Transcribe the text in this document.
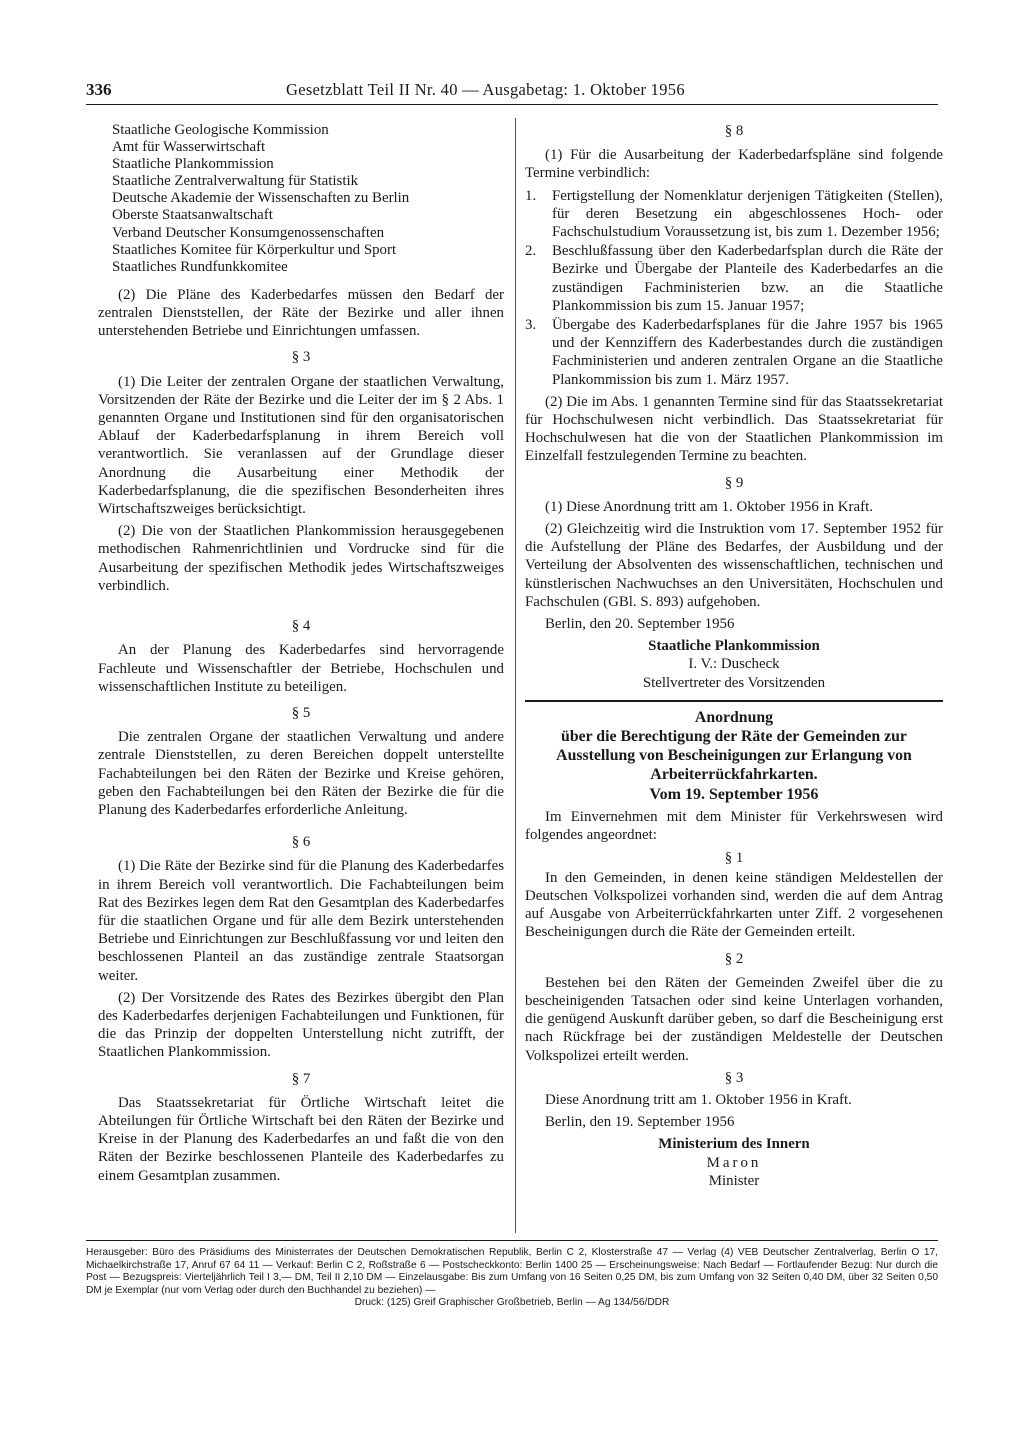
336	Gesetzblatt Teil II Nr. 40 — Ausgabetag: 1. Oktober 1956
Staatliche Geologische Kommission
Amt für Wasserwirtschaft
Staatliche Plankommission
Staatliche Zentralverwaltung für Statistik
Deutsche Akademie der Wissenschaften zu Berlin
Oberste Staatsanwaltschaft
Verband Deutscher Konsumgenossenschaften
Staatliches Komitee für Körperkultur und Sport
Staatliches Rundfunkkomitee

(2) Die Pläne des Kaderbedarfes müssen den Bedarf der zentralen Dienststellen, der Räte der Bezirke und aller ihnen unterstehenden Betriebe und Einrichtungen umfassen.

§ 3

(1) Die Leiter der zentralen Organe der staatlichen Verwaltung, Vorsitzenden der Räte der Bezirke und die Leiter der im § 2 Abs. 1 genannten Organe und Institutionen sind für den organisatorischen Ablauf der Kaderbedarfsplanung in ihrem Bereich voll verantwortlich. Sie veranlassen auf der Grundlage dieser Anordnung die Ausarbeitung einer Methodik der Kaderbedarfsplanung, die die spezifischen Besonderheiten ihres Wirtschaftszweiges berücksichtigt.

(2) Die von der Staatlichen Plankommission herausgegebenen methodischen Rahmenrichtlinien und Vordrucke sind für die Ausarbeitung der spezifischen Methodik jedes Wirtschaftszweiges verbindlich.

§ 4

An der Planung des Kaderbedarfes sind hervorragende Fachleute und Wissenschaftler der Betriebe, Hochschulen und wissenschaftlichen Institute zu beteiligen.

§ 5

Die zentralen Organe der staatlichen Verwaltung und andere zentrale Dienststellen, zu deren Bereichen doppelt unterstellte Fachabteilungen bei den Räten der Bezirke und Kreise gehören, geben den Fachabteilungen bei den Räten der Bezirke die für die Planung des Kaderbedarfes erforderliche Anleitung.

§ 6

(1) Die Räte der Bezirke sind für die Planung des Kaderbedarfes in ihrem Bereich voll verantwortlich. Die Fachabteilungen beim Rat des Bezirkes legen dem Rat den Gesamtplan des Kaderbedarfes für die staatlichen Organe und für alle dem Bezirk unterstehenden Betriebe und Einrichtungen zur Beschlußfassung vor und leiten den beschlossenen Planteil an das zuständige zentrale Staatsorgan weiter.

(2) Der Vorsitzende des Rates des Bezirkes übergibt den Plan des Kaderbedarfes derjenigen Fachabteilungen und Funktionen, für die das Prinzip der doppelten Unterstellung nicht zutrifft, der Staatlichen Plankommission.

§ 7

Das Staatssekretariat für Örtliche Wirtschaft leitet die Abteilungen für Örtliche Wirtschaft bei den Räten der Bezirke und Kreise in der Planung des Kaderbedarfes an und faßt die von den Räten der Bezirke beschlossenen Planteile des Kaderbedarfes zu einem Gesamtplan zusammen.

§ 8

(1) Für die Ausarbeitung der Kaderbedarfspläne sind folgende Termine verbindlich:

1. Fertigstellung der Nomenklatur derjenigen Tätigkeiten (Stellen), für deren Besetzung ein abgeschlossenes Hoch- oder Fachschulstudium Voraussetzung ist, bis zum 1. Dezember 1956;
2. Beschlußfassung über den Kaderbedarfsplan durch die Räte der Bezirke und Übergabe der Planteile des Kaderbedarfes an die zuständigen Fachministerien bzw. an die Staatliche Plankommission bis zum 15. Januar 1957;
3. Übergabe des Kaderbedarfsplanes für die Jahre 1957 bis 1965 und der Kennziffern des Kaderbestandes durch die zuständigen Fachministerien und anderen zentralen Organe an die Staatliche Plankommission bis zum 1. März 1957.

(2) Die im Abs. 1 genannten Termine sind für das Staatssekretariat für Hochschulwesen nicht verbindlich. Das Staatssekretariat für Hochschulwesen hat die von der Staatlichen Plankommission im Einzelfall festzulegenden Termine zu beachten.

§ 9

(1) Diese Anordnung tritt am 1. Oktober 1956 in Kraft.

(2) Gleichzeitig wird die Instruktion vom 17. September 1952 für die Aufstellung der Pläne des Bedarfes, der Ausbildung und der Verteilung der Absolventen des wissenschaftlichen, technischen und künstlerischen Nachwuchses an den Universitäten, Hochschulen und Fachschulen (GBl. S. 893) aufgehoben.

Berlin, den 20. September 1956

Staatliche Plankommission
I. V.: Duscheck
Stellvertreter des Vorsitzenden
Anordnung
über die Berechtigung der Räte der Gemeinden zur Ausstellung von Bescheinigungen zur Erlangung von Arbeiterrückfahrkarten.
Vom 19. September 1956

Im Einvernehmen mit dem Minister für Verkehrswesen wird folgendes angeordnet:

§ 1

In den Gemeinden, in denen keine ständigen Meldestellen der Deutschen Volkspolizei vorhanden sind, werden die auf dem Antrag auf Ausgabe von Arbeiterrückfahrkarten unter Ziff. 2 vorgesehenen Bescheinigungen durch die Räte der Gemeinden erteilt.

§ 2

Bestehen bei den Räten der Gemeinden Zweifel über die zu bescheinigenden Tatsachen oder sind keine Unterlagen vorhanden, die genügend Auskunft darüber geben, so darf die Bescheinigung erst nach Rückfrage bei der zuständigen Meldestelle der Deutschen Volkspolizei erteilt werden.

§ 3

Diese Anordnung tritt am 1. Oktober 1956 in Kraft.

Berlin, den 19. September 1956

Ministerium des Innern
Maron
Minister
Herausgeber: Büro des Präsidiums des Ministerrates der Deutschen Demokratischen Republik, Berlin C 2, Klosterstraße 47 — Verlag (4) VEB Deutscher Zentralverlag, Berlin O 17, Michaelkirchstraße 17, Anruf 67 64 11 — Verkauf: Berlin C 2, Roßstraße 6 — Postscheckkonto: Berlin 1400 25 — Erscheinungsweise: Nach Bedarf — Fortlaufender Bezug: Nur durch die Post — Bezugspreis: Vierteljährlich Teil I 3,— DM, Teil II 2,10 DM — Einzelausgabe: Bis zum Umfang von 16 Seiten 0,25 DM, bis zum Umfang von 32 Seiten 0,40 DM, über 32 Seiten 0,50 DM je Exemplar (nur vom Verlag oder durch den Buchhandel zu beziehen) —
Druck: (125) Greif Graphischer Großbetrieb, Berlin — Ag 134/56/DDR
